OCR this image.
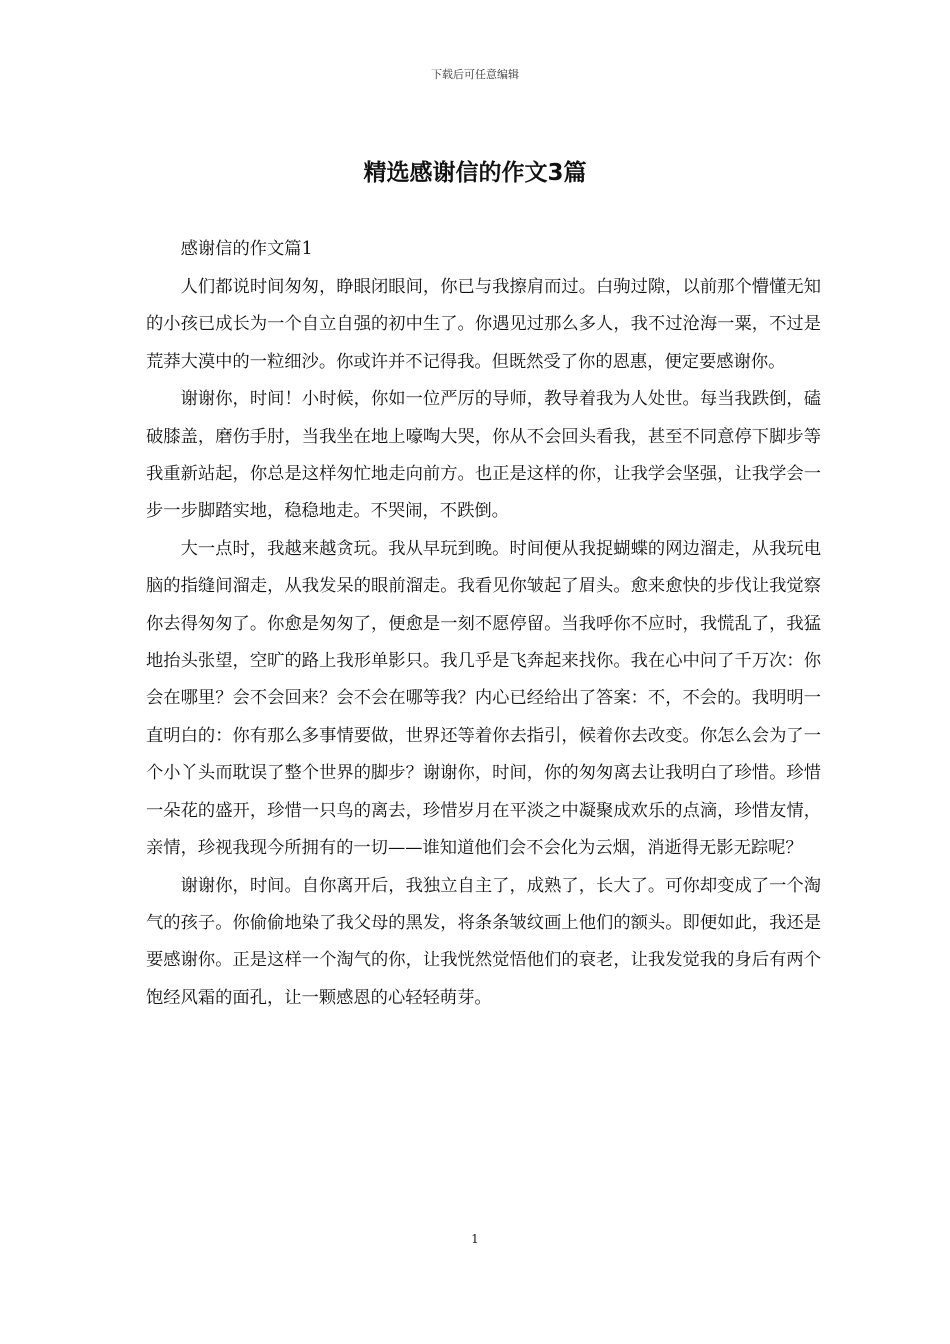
下载后可任意编辑
精选感谢信的作文3篇

感谢信的作文篇1

人们都说时间匆匆，睁眼闭眼间，你已与我擦肩而过。白驹过隙，以前那个懵懂无知的小孩已成长为一个自立自强的初中生了。你遇见过那么多人，我不过沧海一粟，不过是荒莽大漠中的一粒细沙。你或许并不记得我。但既然受了你的恩惠，便定要感谢你。

谢谢你，时间！小时候，你如一位严厉的导师，教导着我为人处世。每当我跌倒，磕破膝盖，磨伤手肘，当我坐在地上嚎啕大哭，你从不会回头看我，甚至不同意停下脚步等我重新站起，你总是这样匆忙地走向前方。也正是这样的你，让我学会坚强，让我学会一步一步脚踏实地，稳稳地走。不哭闹，不跌倒。

大一点时，我越来越贪玩。我从早玩到晚。时间便从我捉蝴蝶的网边溜走，从我玩电脑的指缝间溜走，从我发呆的眼前溜走。我看见你皱起了眉头。愈来愈快的步伐让我觉察你去得匆匆了。你愈是匆匆了，便愈是一刻不愿停留。当我呼你不应时，我慌乱了，我猛地抬头张望，空旷的路上我形单影只。我几乎是飞奔起来找你。我在心中问了千万次：你会在哪里？会不会回来？会不会在哪等我？内心已经给出了答案：不，不会的。我明明一直明白的：你有那么多事情要做，世界还等着你去指引，候着你去改变。你怎么会为了一个小丫头而耽误了整个世界的脚步？谢谢你，时间，你的匆匆离去让我明白了珍惜。珍惜一朵花的盛开，珍惜一只鸟的离去，珍惜岁月在平淡之中凝聚成欢乐的点滴，珍惜友情，亲情，珍视我现今所拥有的一切——谁知道他们会不会化为云烟，消逝得无影无踪呢？

谢谢你，时间。自你离开后，我独立自主了，成熟了，长大了。可你却变成了一个淘气的孩子。你偷偷地染了我父母的黑发，将条条皱纹画上他们的额头。即便如此，我还是要感谢你。正是这样一个淘气的你，让我恍然觉悟他们的衰老，让我发觉我的身后有两个饱经风霜的面孔，让一颗感恩的心轻轻萌芽。

1
